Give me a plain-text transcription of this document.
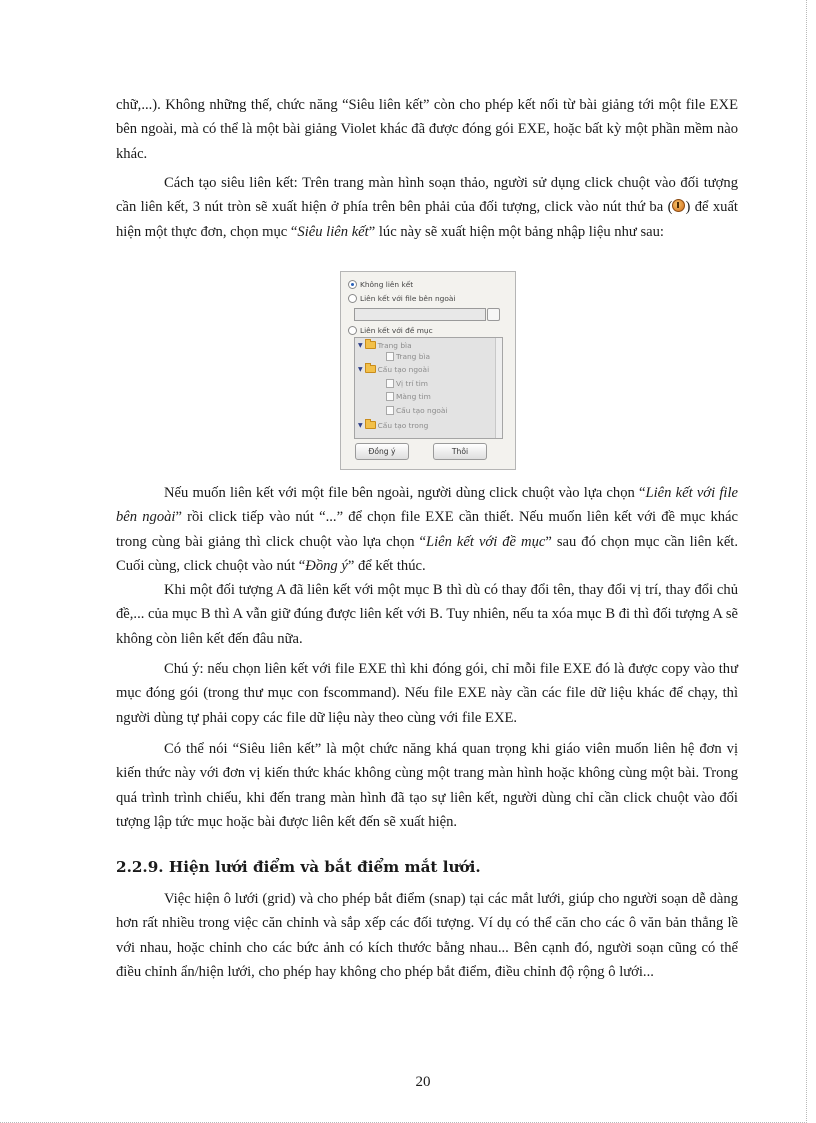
chữ,...). Không những thế, chức năng “Siêu liên kết” còn cho phép kết nối từ bài giảng tới một file EXE bên ngoài, mà có thể là một bài giảng Violet khác đã được đóng gói EXE, hoặc bất kỳ một phần mềm nào khác.

Cách tạo siêu liên kết: Trên trang màn hình soạn thảo, người sử dụng click chuột vào đối tượng cần liên kết, 3 nút tròn sẽ xuất hiện ở phía trên bên phải của đối tượng, click vào nút thứ ba ( ) để xuất hiện một thực đơn, chọn mục “Siêu liên kết” lúc này sẽ xuất hiện một bảng nhập liệu như sau:

Không liên kết
Liên kết với file bên ngoài
Liên kết với đề mục
▼ Trang bìa
Trang bìa
▼ Cấu tạo ngoài
Vị trí tim
Màng tim
Cấu tạo ngoài
▼ Cấu tạo trong
Đồng ý	Thôi

Nếu muốn liên kết với một file bên ngoài, người dùng click chuột vào lựa chọn “Liên kết với file bên ngoài” rồi click tiếp vào nút “...” để chọn file EXE cần thiết. Nếu muốn liên kết với đề mục khác trong cùng bài giảng thì click chuột vào lựa chọn “Liên kết với đề mục” sau đó chọn mục cần liên kết. Cuối cùng, click chuột vào nút “Đồng ý” để kết thúc.

Khi một đối tượng A đã liên kết với một mục B thì dù có thay đổi tên, thay đổi vị trí, thay đổi chủ đề,... của mục B thì A vẫn giữ đúng được liên kết với B. Tuy nhiên, nếu ta xóa mục B đi thì đối tượng A sẽ không còn liên kết đến đâu nữa.

Chú ý: nếu chọn liên kết với file EXE thì khi đóng gói, chỉ mỗi file EXE đó là được copy vào thư mục đóng gói (trong thư mục con fscommand). Nếu file EXE này cần các file dữ liệu khác để chạy, thì người dùng tự phải copy các file dữ liệu này theo cùng với file EXE.

Có thể nói “Siêu liên kết” là một chức năng khá quan trọng khi giáo viên muốn liên hệ đơn vị kiến thức này với đơn vị kiến thức khác không cùng một trang màn hình hoặc không cùng một bài. Trong quá trình trình chiếu, khi đến trang màn hình đã tạo sự liên kết, người dùng chỉ cần click chuột vào đối tượng lập tức mục hoặc bài được liên kết đến sẽ xuất hiện.

2.2.9. Hiện lưới điểm và bắt điểm mắt lưới.

Việc hiện ô lưới (grid) và cho phép bắt điểm (snap) tại các mắt lưới, giúp cho người soạn dễ dàng hơn rất nhiều trong việc căn chỉnh và sắp xếp các đối tượng. Ví dụ có thể căn cho các ô văn bản thẳng lề với nhau, hoặc chỉnh cho các bức ảnh có kích thước bằng nhau... Bên cạnh đó, người soạn cũng có thể điều chỉnh ẩn/hiện lưới, cho phép hay không cho phép bắt điểm, điều chỉnh độ rộng ô lưới...

20
